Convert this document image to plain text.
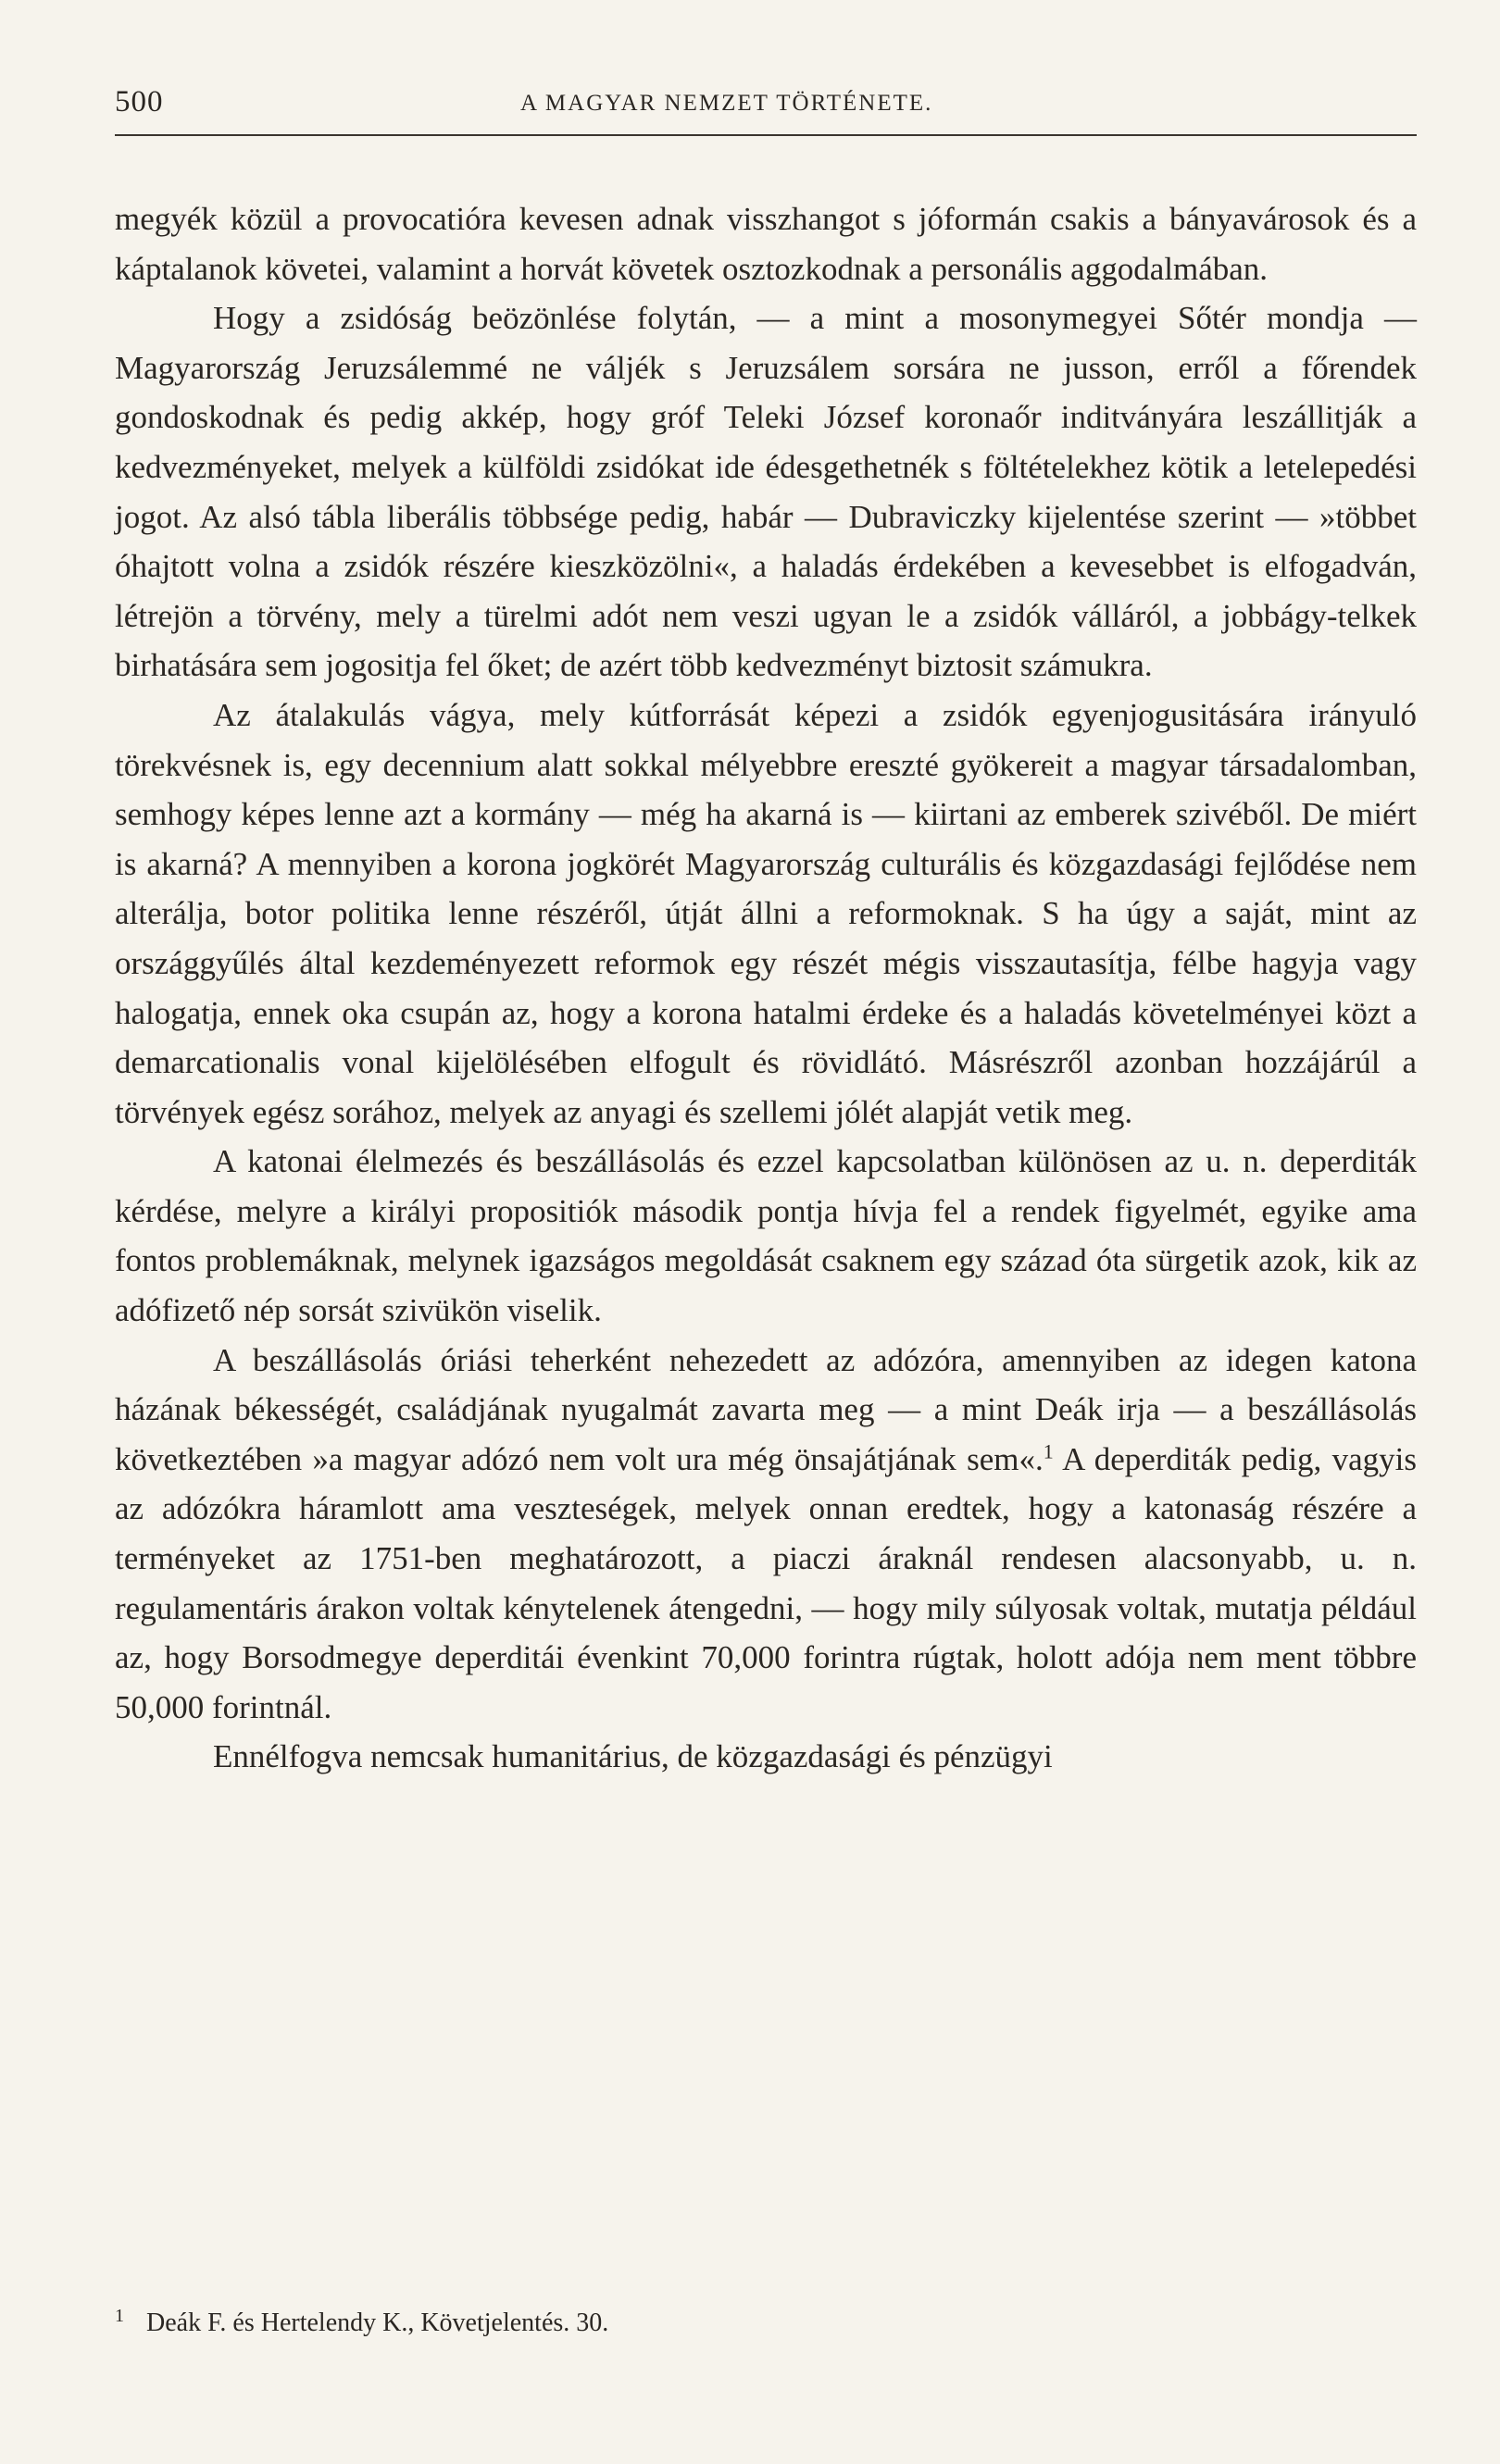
500	A MAGYAR NEMZET TÖRTÉNETE.

megyék közül a provocatióra kevesen adnak visszhangot s jóformán csakis a bányavárosok és a káptalanok követei, valamint a horvát követek osztozkodnak a personális aggodalmában.

Hogy a zsidóság beözönlése folytán, — a mint a mosonymegyei Sőtér mondja — Magyarország Jeruzsálemmé ne váljék s Jeruzsálem sorsára ne jusson, erről a főrendek gondoskodnak és pedig akkép, hogy gróf Teleki József koronaőr inditványára leszállitják a kedvezményeket, melyek a külföldi zsidókat ide édesgethetnék s föltételekhez kötik a letelepedési jogot. Az alsó tábla liberális többsége pedig, habár — Dubraviczky kijelentése szerint — »többet óhajtott volna a zsidók részére kieszközölni«, a haladás érdekében a kevesebbet is elfogadván, létrejön a törvény, mely a türelmi adót nem veszi ugyan le a zsidók válláról, a jobbágy-telkek birhatására sem jogositja fel őket; de azért több kedvezményt biztosit számukra.

Az átalakulás vágya, mely kútforrását képezi a zsidók egyenjogusitására irányuló törekvésnek is, egy decennium alatt sokkal mélyebbre ereszté gyökereit a magyar társadalomban, semhogy képes lenne azt a kormány — még ha akarná is — kiirtani az emberek szivéből. De miért is akarná? A mennyiben a korona jogkörét Magyarország culturális és közgazdasági fejlődése nem alterálja, botor politika lenne részéről, útját állni a reformoknak. S ha úgy a saját, mint az országgyűlés által kezdeményezett reformok egy részét mégis visszautasítja, félbe hagyja vagy halogatja, ennek oka csupán az, hogy a korona hatalmi érdeke és a haladás követelményei közt a demarcationalis vonal kijelölésében elfogult és rövidlátó. Másrészről azonban hozzájárúl a törvények egész sorához, melyek az anyagi és szellemi jólét alapját vetik meg.

A katonai élelmezés és beszállásolás és ezzel kapcsolatban különösen az u. n. deperditák kérdése, melyre a királyi propositiók második pontja hívja fel a rendek figyelmét, egyike ama fontos problemáknak, melynek igazságos megoldását csaknem egy század óta sürgetik azok, kik az adófizető nép sorsát szivükön viselik.

A beszállásolás óriási teherként nehezedett az adózóra, amennyiben az idegen katona házának békességét, családjának nyugalmát zavarta meg — a mint Deák irja — a beszállásolás következtében »a magyar adózó nem volt ura még önsajátjának sem«.$^1$ A deperditák pedig, vagyis az adózókra háramlott ama veszteségek, melyek onnan eredtek, hogy a katonaság részére a terményeket az 1751-ben meghatározott, a piaczi áraknál rendesen alacsonyabb, u. n. regulamentáris árakon voltak kénytelenek átengedni, — hogy mily súlyosak voltak, mutatja például az, hogy Borsodmegye deperditái évenkint 70,000 forintra rúgtak, holott adója nem ment többre 50,000 forintnál.

Ennélfogva nemcsak humanitárius, de közgazdasági és pénzügyi

1 Deák F. és Hertelendy K., Követjelentés. 30.
